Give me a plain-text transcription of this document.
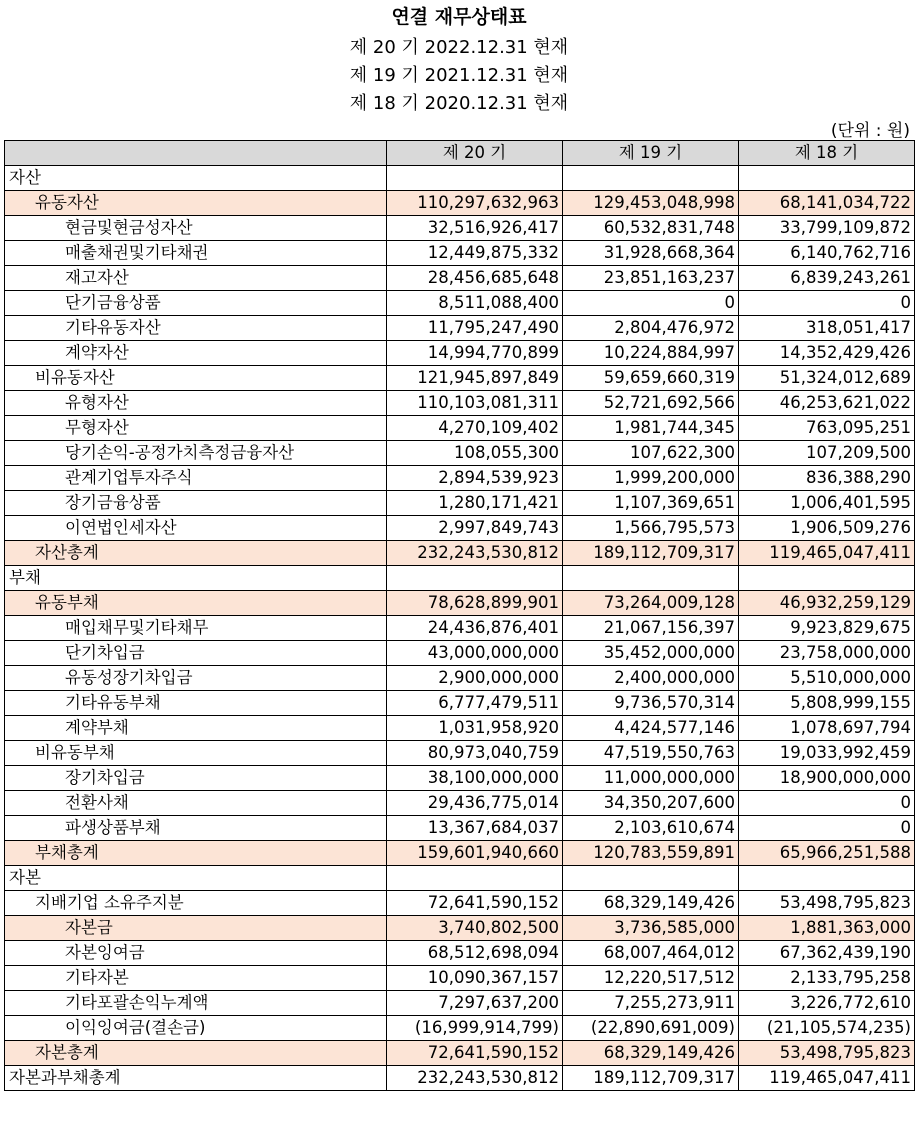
연결 재무상태표
제 20 기 2022.12.31 현재
제 19 기 2021.12.31 현재
제 18 기 2020.12.31 현재
(단위 : 원)
	제 20 기	제 19 기	제 18 기
자산			
유동자산	110,297,632,963	129,453,048,998	68,141,034,722
현금및현금성자산	32,516,926,417	60,532,831,748	33,799,109,872
매출채권및기타채권	12,449,875,332	31,928,668,364	6,140,762,716
재고자산	28,456,685,648	23,851,163,237	6,839,243,261
단기금융상품	8,511,088,400	0	0
기타유동자산	11,795,247,490	2,804,476,972	318,051,417
계약자산	14,994,770,899	10,224,884,997	14,352,429,426
비유동자산	121,945,897,849	59,659,660,319	51,324,012,689
유형자산	110,103,081,311	52,721,692,566	46,253,621,022
무형자산	4,270,109,402	1,981,744,345	763,095,251
당기손익-공정가치측정금융자산	108,055,300	107,622,300	107,209,500
관계기업투자주식	2,894,539,923	1,999,200,000	836,388,290
장기금융상품	1,280,171,421	1,107,369,651	1,006,401,595
이연법인세자산	2,997,849,743	1,566,795,573	1,906,509,276
자산총계	232,243,530,812	189,112,709,317	119,465,047,411
부채			
유동부채	78,628,899,901	73,264,009,128	46,932,259,129
매입채무및기타채무	24,436,876,401	21,067,156,397	9,923,829,675
단기차입금	43,000,000,000	35,452,000,000	23,758,000,000
유동성장기차입금	2,900,000,000	2,400,000,000	5,510,000,000
기타유동부채	6,777,479,511	9,736,570,314	5,808,999,155
계약부채	1,031,958,920	4,424,577,146	1,078,697,794
비유동부채	80,973,040,759	47,519,550,763	19,033,992,459
장기차입금	38,100,000,000	11,000,000,000	18,900,000,000
전환사채	29,436,775,014	34,350,207,600	0
파생상품부채	13,367,684,037	2,103,610,674	0
부채총계	159,601,940,660	120,783,559,891	65,966,251,588
자본			
지배기업 소유주지분	72,641,590,152	68,329,149,426	53,498,795,823
자본금	3,740,802,500	3,736,585,000	1,881,363,000
자본잉여금	68,512,698,094	68,007,464,012	67,362,439,190
기타자본	10,090,367,157	12,220,517,512	2,133,795,258
기타포괄손익누계액	7,297,637,200	7,255,273,911	3,226,772,610
이익잉여금(결손금)	(16,999,914,799)	(22,890,691,009)	(21,105,574,235)
자본총계	72,641,590,152	68,329,149,426	53,498,795,823
자본과부채총계	232,243,530,812	189,112,709,317	119,465,047,411
